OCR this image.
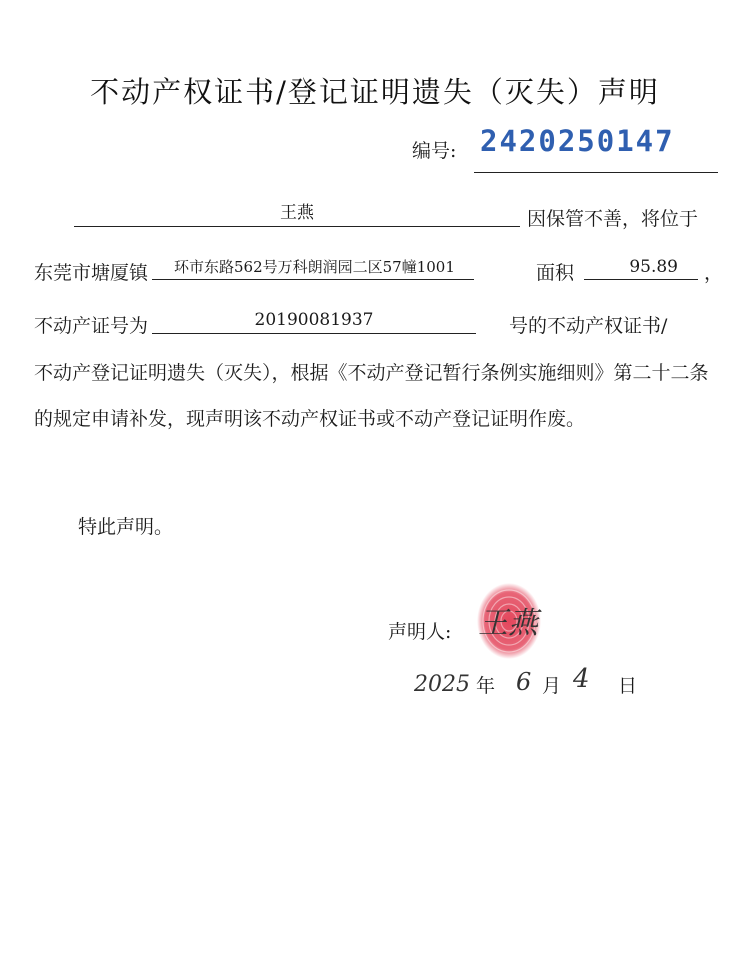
不动产权证书/登记证明遗失（灭失）声明
编号: 2420250147
王燕	因保管不善，将位于
东莞市塘厦镇	环市东路562号万科朗润园二区57幢1001	面积	95.89	，
不动产证号为	20190081937	号的不动产权证书/
不动产登记证明遗失（灭失），根据《不动产登记暂行条例实施细则》第二十二条的规定申请补发，现声明该不动产权证书或不动产登记证明作废。
特此声明。
声明人: 王燕
2025 年 6 月 4 日
